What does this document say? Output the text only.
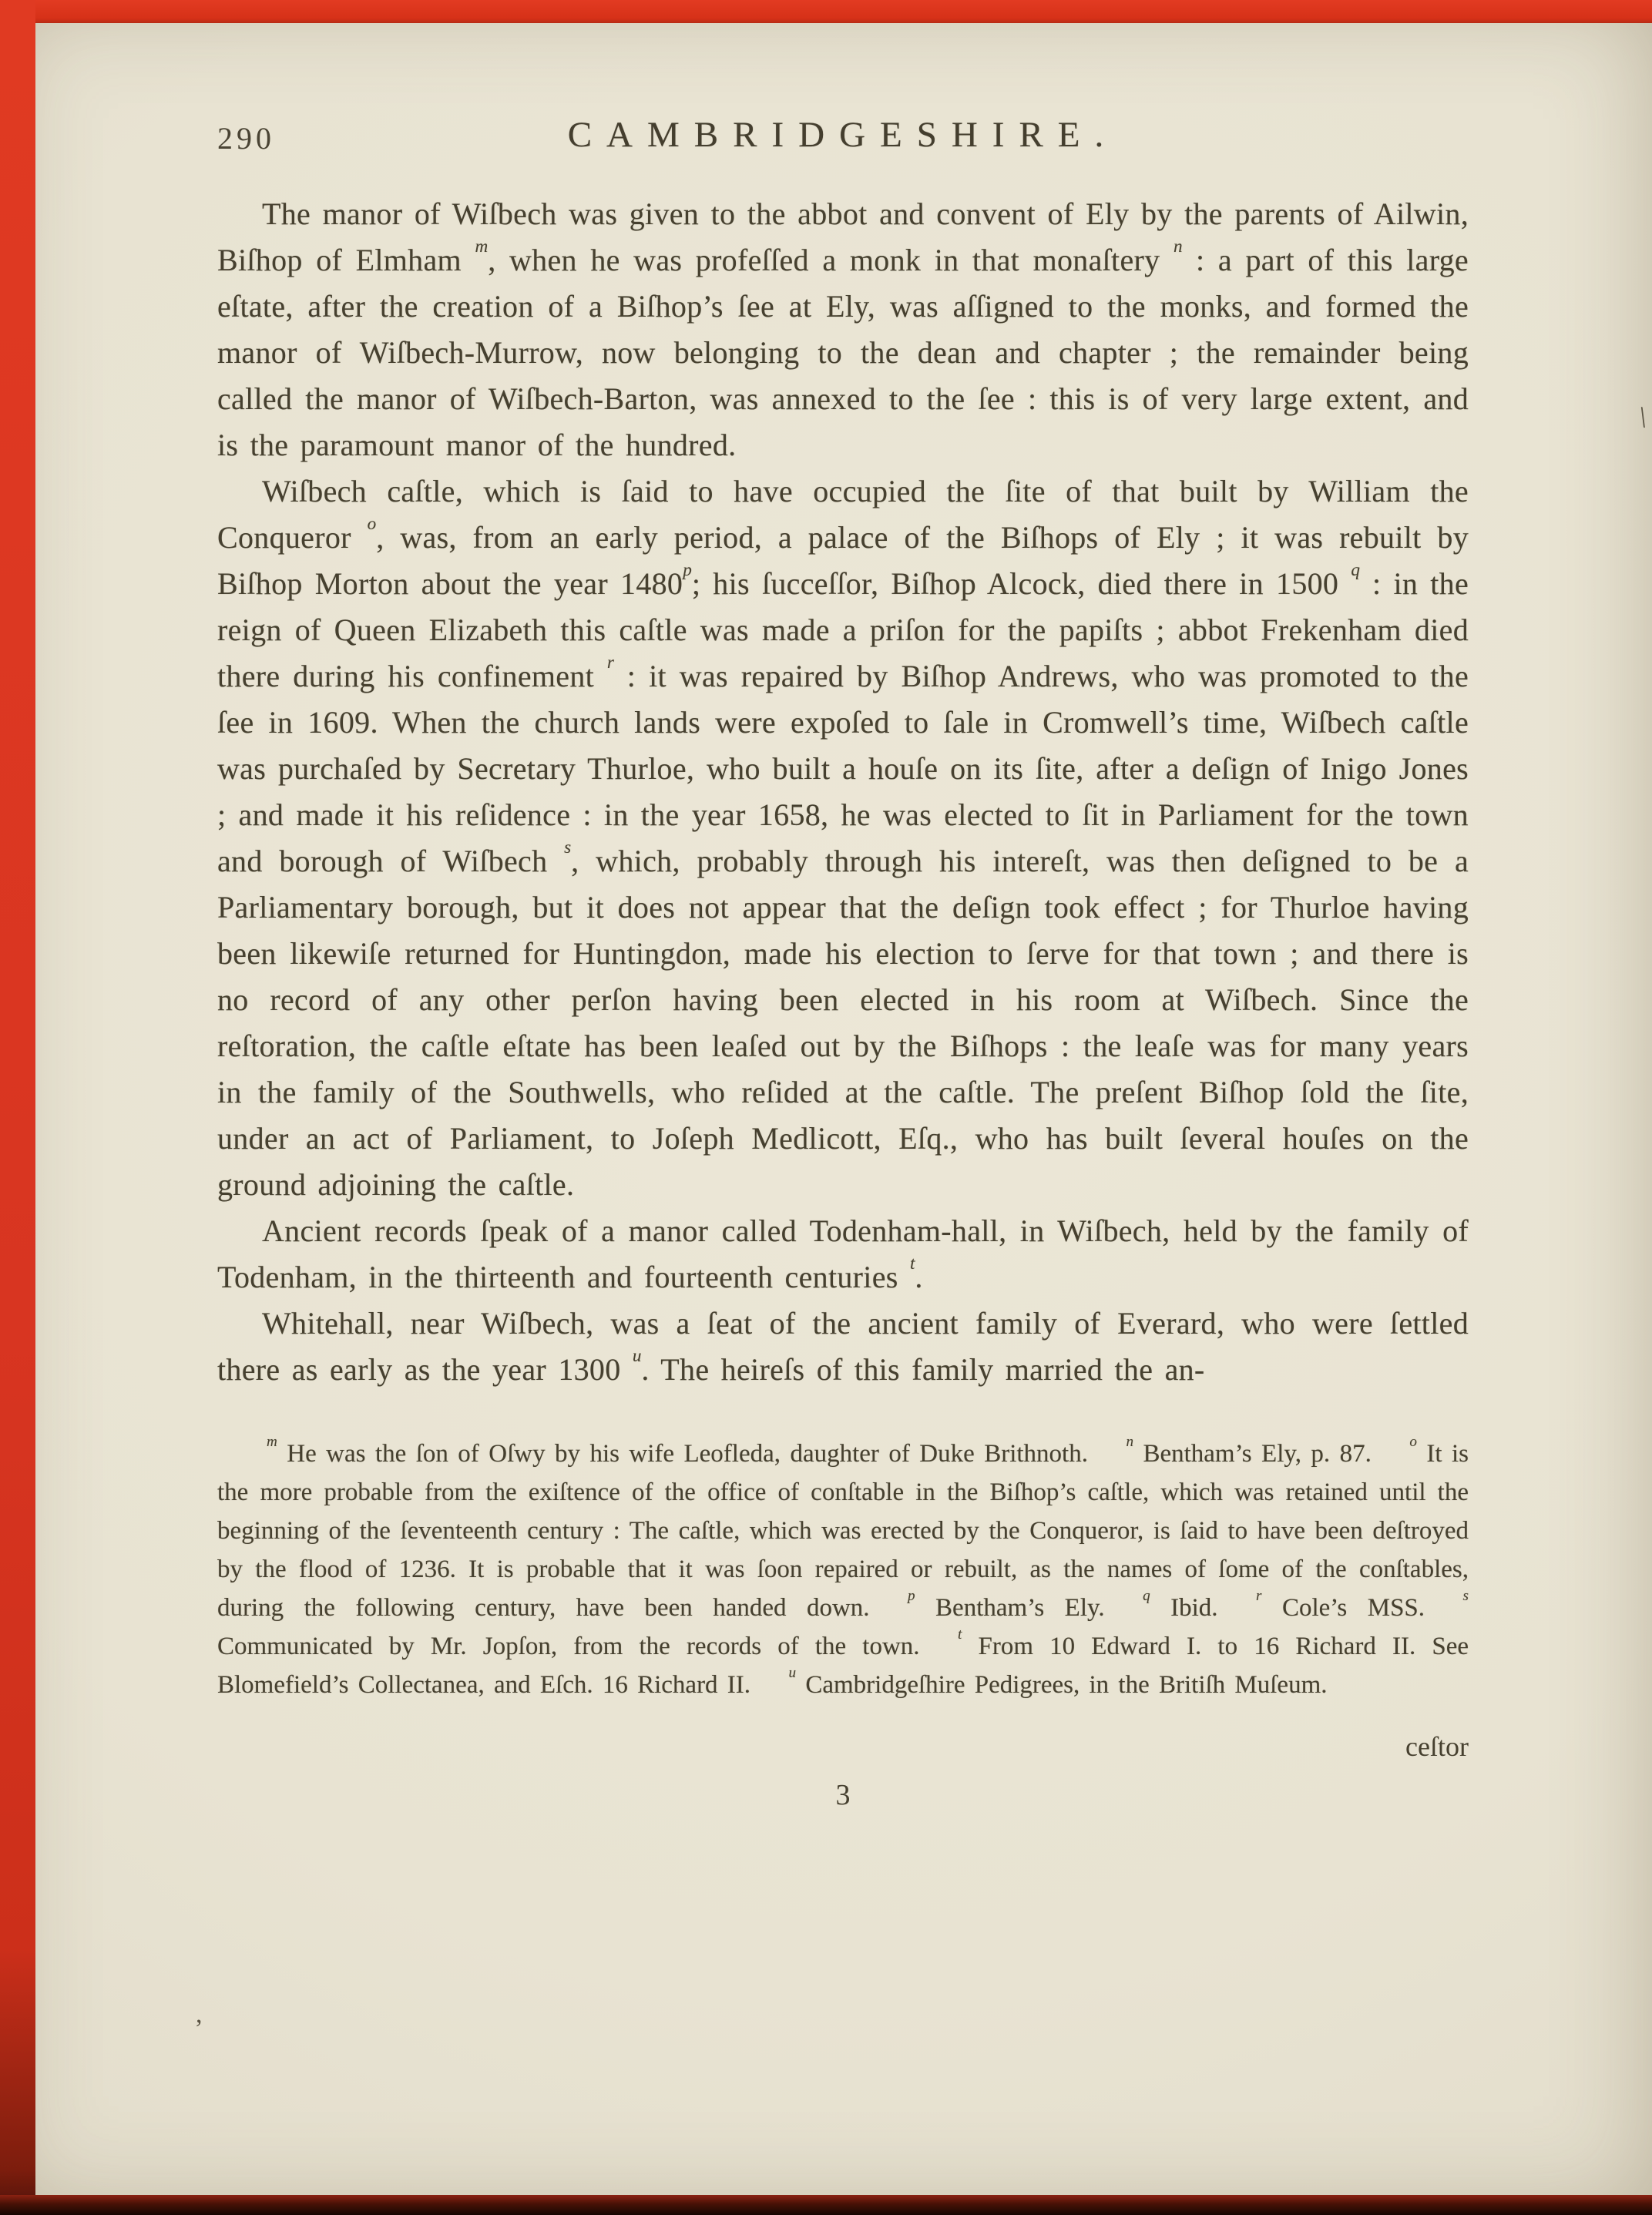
290	CAMBRIDGESHIRE.

The manor of Wiſbech was given to the abbot and convent of Ely by the parents of Ailwin, Biſhop of Elmham $^m$, when he was profeſſed a monk in that monaſtery $^n$ : a part of this large eſtate, after the creation of a Biſhop’s ſee at Ely, was aſſigned to the monks, and formed the manor of Wiſbech-Murrow, now belonging to the dean and chapter ; the remainder being called the manor of Wiſbech-Barton, was annexed to the ſee : this is of very large extent, and is the paramount manor of the hundred.

Wiſbech caſtle, which is ſaid to have occupied the ſite of that built by William the Conqueror $^o$, was, from an early period, a palace of the Biſhops of Ely ; it was rebuilt by Biſhop Morton about the year 1480$^p$; his ſucceſſor, Biſhop Alcock, died there in 1500 $^q$ : in the reign of Queen Elizabeth this caſtle was made a priſon for the papiſts ; abbot Frekenham died there during his confinement $^r$ : it was repaired by Biſhop Andrews, who was promoted to the ſee in 1609. When the church lands were expoſed to ſale in Cromwell’s time, Wiſbech caſtle was purchaſed by Secretary Thurloe, who built a houſe on its ſite, after a deſign of Inigo Jones ; and made it his reſidence : in the year 1658, he was elected to ſit in Parliament for the town and borough of Wiſbech $^s$, which, probably through his intereſt, was then deſigned to be a Parliamentary borough, but it does not appear that the deſign took effect ; for Thurloe having been likewiſe returned for Huntingdon, made his election to ſerve for that town ; and there is no record of any other perſon having been elected in his room at Wiſbech. Since the reſtoration, the caſtle eſtate has been leaſed out by the Biſhops : the leaſe was for many years in the family of the Southwells, who reſided at the caſtle. The preſent Biſhop ſold the ſite, under an act of Parliament, to Joſeph Medlicott, Eſq., who has built ſeveral houſes on the ground adjoining the caſtle.

Ancient records ſpeak of a manor called Todenham-hall, in Wiſbech, held by the family of Todenham, in the thirteenth and fourteenth centuries $^t$.

Whitehall, near Wiſbech, was a ſeat of the ancient family of Everard, who were ſettled there as early as the year 1300 $^u$. The heireſs of this family married the an-

$^m$ He was the ſon of Oſwy by his wife Leofleda, daughter of Duke Brithnoth.  	$^n$ Bentham’s Ely, p. 87.  	$^o$ It is the more probable from the exiſtence of the office of conſtable in the Biſhop’s caſtle, which was retained until the beginning of the ſeventeenth century : The caſtle, which was erected by the Conqueror, is ſaid to have been deſtroyed by the flood of 1236. It is probable that it was ſoon repaired or rebuilt, as the names of ſome of the conſtables, during the following century, have been handed down.  	$^p$ Bentham’s Ely.  	$^q$ Ibid.  	$^r$ Cole’s MSS.  	$^s$ Communicated by Mr. Jopſon, from the records of the town.  	$^t$ From 10 Edward I. to 16 Richard II. See Blomefield’s Collectanea, and Eſch. 16 Richard II.  	$^u$ Cambridgeſhire Pedigrees, in the Britiſh Muſeum.
ceſtor
3
\
,
